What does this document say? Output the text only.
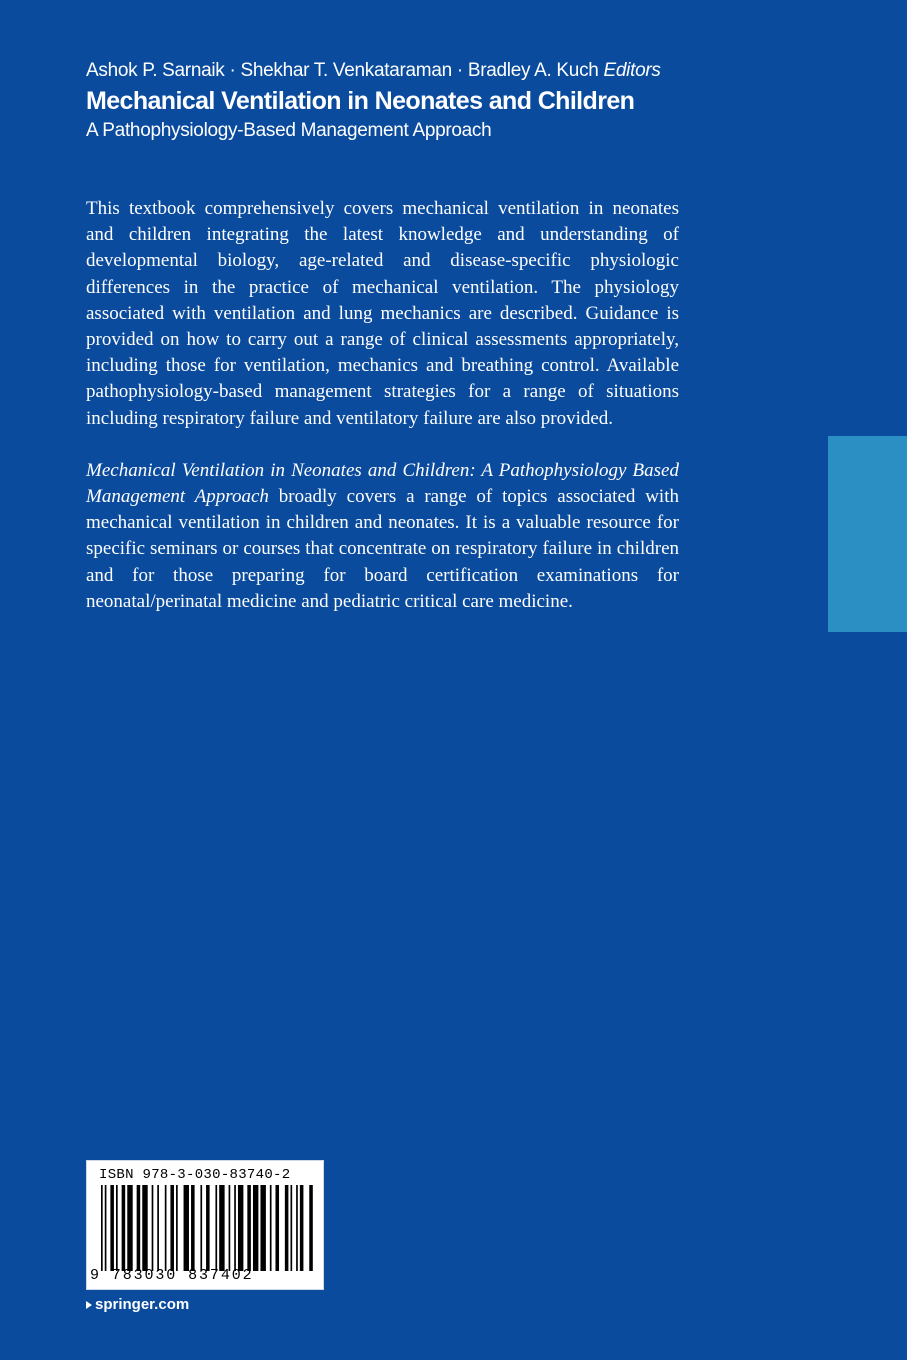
Ashok P. Sarnaik · Shekhar T. Venkataraman · Bradley A. Kuch Editors
Mechanical Ventilation in Neonates and Children
A Pathophysiology-Based Management Approach

This textbook comprehensively covers mechanical ventilation in neonates and children integrating the latest knowledge and understanding of developmental biology, age-related and disease-specific physiologic differences in the practice of mechanical ventilation. The physiology associated with ventilation and lung mechanics are described. Guidance is provided on how to carry out a range of clinical assessments appropriately, including those for ventilation, mechanics and breathing control. Available pathophysiology-based management strategies for a range of situations including respiratory failure and ventilatory failure are also provided.

Mechanical Ventilation in Neonates and Children: A Pathophysiology Based Management Approach broadly covers a range of topics associated with mechanical ventilation in children and neonates. It is a valuable resource for specific seminars or courses that concentrate on respiratory failure in children and for those preparing for board certification examinations for neonatal/perinatal medicine and pediatric critical care medicine.

ISBN 978-3-030-83740-2
9 783030 837402
springer.com
